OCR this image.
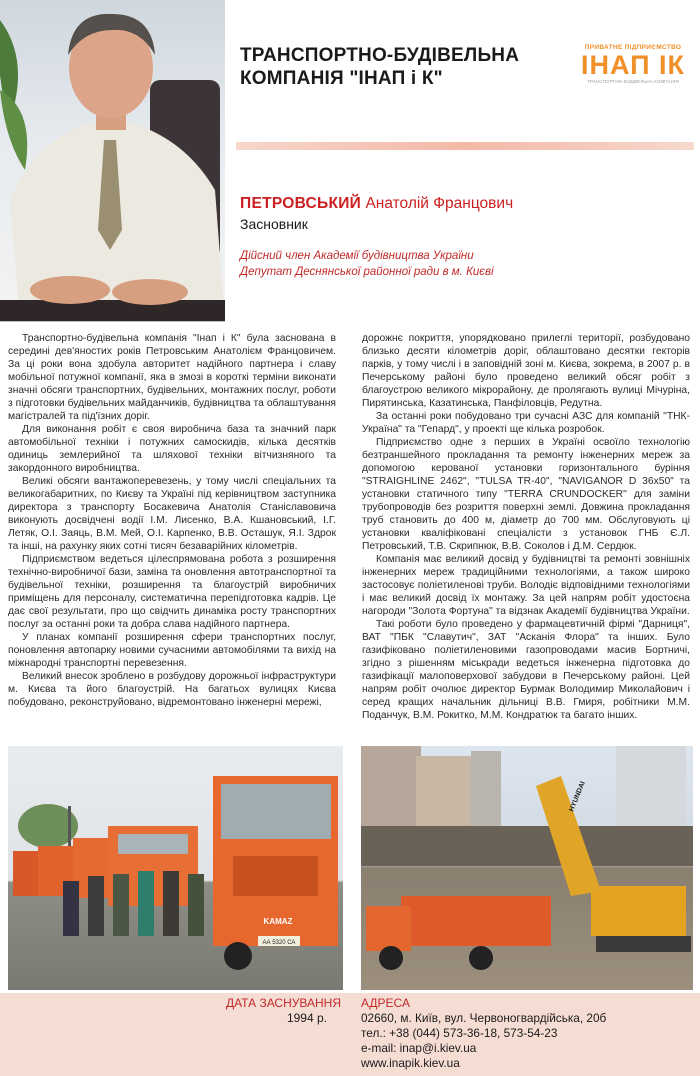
ТРАНСПОРТНО-БУДІВЕЛЬНА КОМПАНІЯ "ІНАП і К"
ПРИВАТНЕ ПІДПРИЄМСТВО
ІНАП ІК
ТРАНСПОРТНО-БУДІВЕЛЬНА КОМПАНІЯ
ПЕТРОВСЬКИЙ Анатолій Францович
Засновник
Дійсний член Академії будівництва України
Депутат Деснянської районної ради в м. Києві

Транспортно-будівельна компанія "Інап і К" була заснована в середині дев'яностих років Петровським Анатолієм Францовичем. За ці роки вона здобула авторитет надійного партнера і славу мобільної потужної компанії, яка в змозі в короткі терміни виконати значні обсяги транспортних, будівельних, монтажних послуг, роботи з підготовки будівельних майданчиків, будівництва та облаштування магістралей та під'їзних доріг.

Для виконання робіт є своя виробнича база та значний парк автомобільної техніки і потужних самоскидів, кілька десятків одиниць землерийної та шляхової техніки вітчизняного та закордонного виробництва.

Великі обсяги вантажоперевезень, у тому числі спеціальних та великогабаритних, по Києву та Україні під керівництвом заступника директора з транспорту Босакевича Анатолія Станіславовича виконують досвідчені водії І.М. Лисенко, В.А. Кшановський, І.Г. Летяк, О.І. Заяць, В.М. Мей, О.І. Карпенко, В.В. Осташук, Я.І. Здрок та інші, на рахунку яких сотні тисяч безаварійних кілометрів.

Підприємством ведеться цілеспрямована робота з розширення технічно-виробничої бази, заміна та оновлення автотранспортної та будівельної техніки, розширення та благоустрій виробничих приміщень для персоналу, систематична перепідготовка кадрів. Це дає свої результати, про що свідчить динаміка росту транспортних послуг за останні роки та добра слава надійного партнера.

У планах компанії розширення сфери транспортних послуг, поновлення автопарку новими сучасними автомобілями та вихід на міжнародні транспортні перевезення.

Великий внесок зроблено в розбудову дорожньої інфраструктури м. Києва та його благоустрій. На багатьох вулицях Києва побудовано, реконструйовано, відремонтовано інженерні мережі,

дорожнє покриття, упорядковано прилеглі території, розбудовано близько десяти кілометрів доріг, облаштовано десятки гекторів парків, у тому числі і в заповідній зоні м. Києва, зокрема, в 2007 р. в Печерському районі було проведено великий обсяг робіт з благоустрою великого мікрорайону, де пролягають вулиці Мічуріна, Пирятинська, Казатинська, Панфіловців, Редутна.

За останні роки побудовано три сучасні АЗС для компаній "ТНК-Україна" та "Гепард", у проекті ще кілька розробок.

Підприємство одне з перших в Україні освоїло технологію безтраншейного прокладання та ремонту інженерних мереж за допомогою керованої установки горизонтального буріння "STRAIGHLINE 2462", "TULSA TR-40", "NAVIGANOR D 36x50" та установки статичного типу "TERRA CRUNDOCKER" для заміни трубопроводів без розриття поверхні землі. Довжина прокладання труб становить до 400 м, діаметр до 700 мм. Обслуговують ці установки кваліфіковані спеціалісти з установок ГНБ Є.Л. Петровський, Т.В. Скрипнюк, В.В. Соколов і Д.М. Сердюк.

Компанія має великий досвід у будівництві та ремонті зовнішніх інженерних мереж традиційними технологіями, а також широко застосовує поліетиленові труби. Володіє відповідними технологіями і має великий досвід їх монтажу. За цей напрям робіт удостоєна нагороди "Золота Фортуна" та відзнак Академії будівництва України.

Такі роботи було проведено у фармацевтичній фірмі "Дарниця", ВАТ "ПБК "Славутич", ЗАТ "Асканія Флора" та інших. Було газифіковано поліетиленовими газопроводами масив Бортничі, згідно з рішенням міськради ведеться інженерна підготовка до газифікації малоповерхової забудови в Печерському районі. Цей напрям робіт очолює директор Бурмак Володимир Миколайович і серед кращих начальник дільниці В.В. Гмиря, робітники М.М. Поданчук, В.М. Рокитко, М.М. Кондратюк та багато інших.

KAMAZ
АА 5320 СА
HYUNDAI
ДАТА ЗАСНУВАННЯ
1994 р.
АДРЕСА
02660, м. Київ, вул. Червоногвардійська, 20б
тел.: +38 (044) 573-36-18, 573-54-23
e-mail: inap@i.kiev.ua
www.inapik.kiev.ua
